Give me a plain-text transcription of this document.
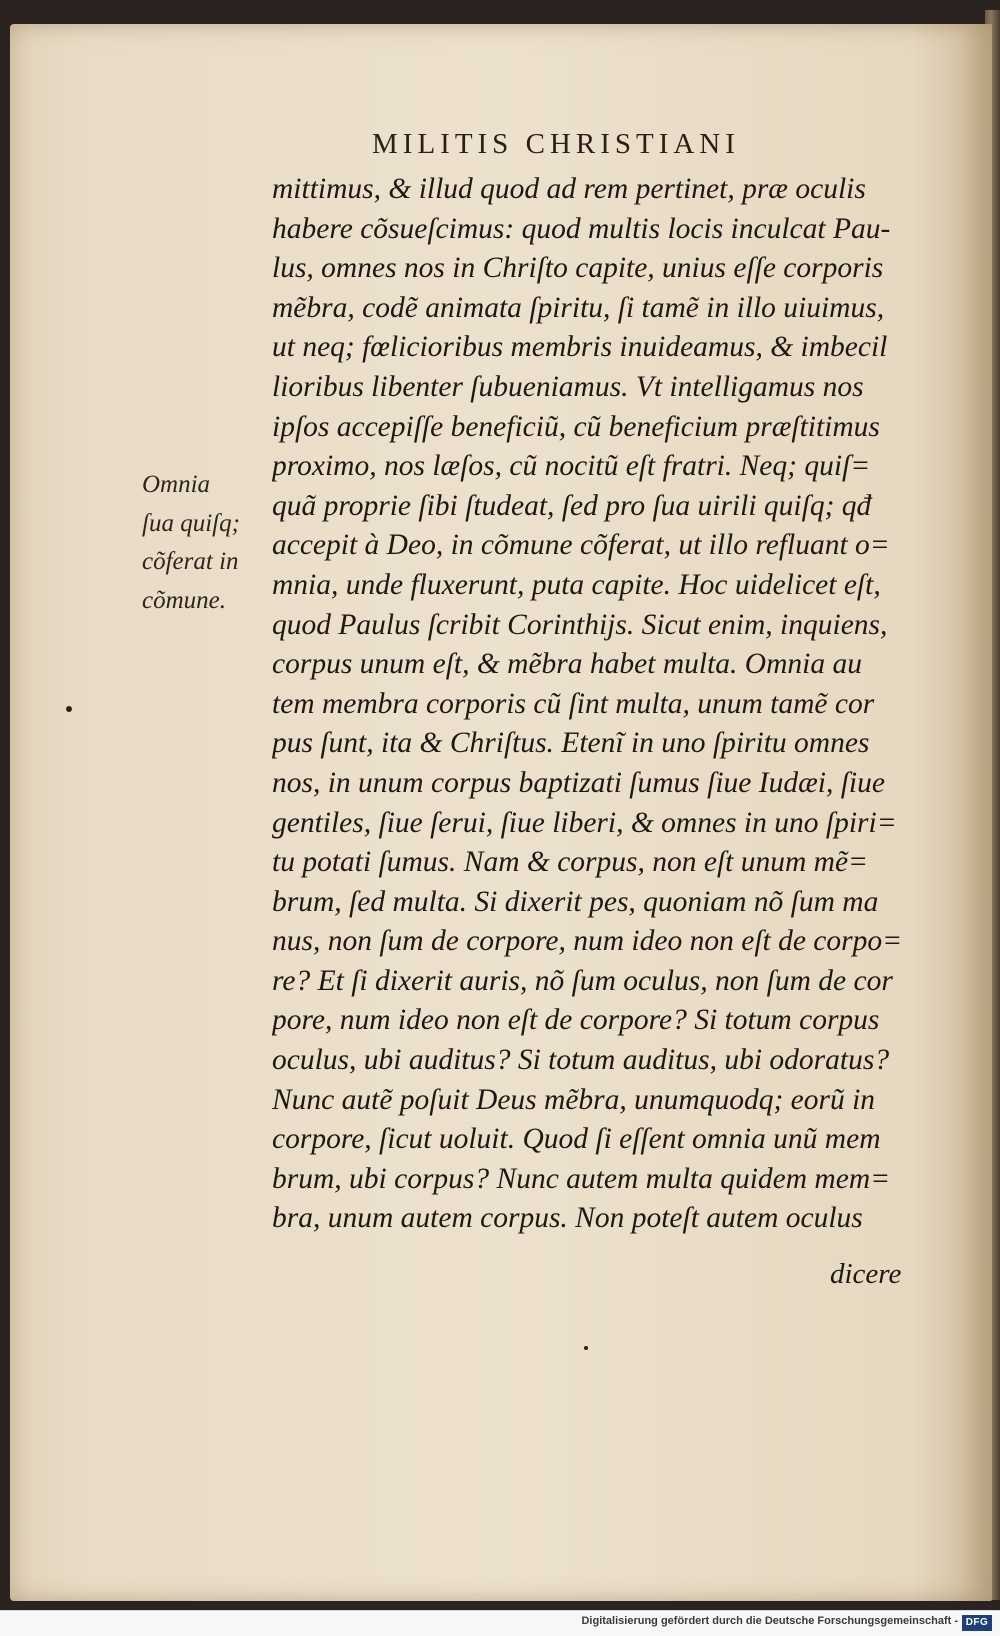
MILITIS CHRISTIANI
Omnia
ſua quiſq;
cõferat in
cõmune.
mittimus, & illud quod ad rem pertinet, præ oculis
habere cõsueſcimus: quod multis locis inculcat Pau-
lus, omnes nos in Chriſto capite, unius eſſe corporis
mẽbra, codẽ animata ſpiritu, ſi tamẽ in illo uiuimus,
ut neq; fœlicioribus membris inuideamus, & imbecil
lioribus libenter ſubueniamus. Vt intelligamus nos
ipſos accepiſſe beneficiũ, cũ beneficium præſtitimus
proximo, nos læſos, cũ nocitũ eſt fratri. Neq; quiſ=
quã proprie ſibi ſtudeat, ſed pro ſua uirili quiſq; qđ
accepit à Deo, in cõmune cõferat, ut illo refluant o=
mnia, unde fluxerunt, puta capite. Hoc uidelicet eſt,
quod Paulus ſcribit Corinthijs. Sicut enim, inquiens,
corpus unum eſt, & mẽbra habet multa. Omnia au
tem membra corporis cũ ſint multa, unum tamẽ cor
pus ſunt, ita & Chriſtus. Etenĩ in uno ſpiritu omnes
nos, in unum corpus baptizati ſumus ſiue Iudæi, ſiue
gentiles, ſiue ſerui, ſiue liberi, & omnes in uno ſpiri=
tu potati ſumus. Nam & corpus, non eſt unum mẽ=
brum, ſed multa. Si dixerit pes, quoniam nõ ſum ma
nus, non ſum de corpore, num ideo non eſt de corpo=
re? Et ſi dixerit auris, nõ ſum oculus, non ſum de cor
pore, num ideo non eſt de corpore? Si totum corpus
oculus, ubi auditus? Si totum auditus, ubi odoratus?
Nunc autẽ poſuit Deus mẽbra, unumquodq; eorũ in
corpore, ſicut uoluit. Quod ſi eſſent omnia unũ mem
brum, ubi corpus? Nunc autem multa quidem mem=
bra, unum autem corpus. Non poteſt autem oculus
dicere
Digitalisierung gefördert durch die Deutsche Forschungsgemeinschaft - DFG
